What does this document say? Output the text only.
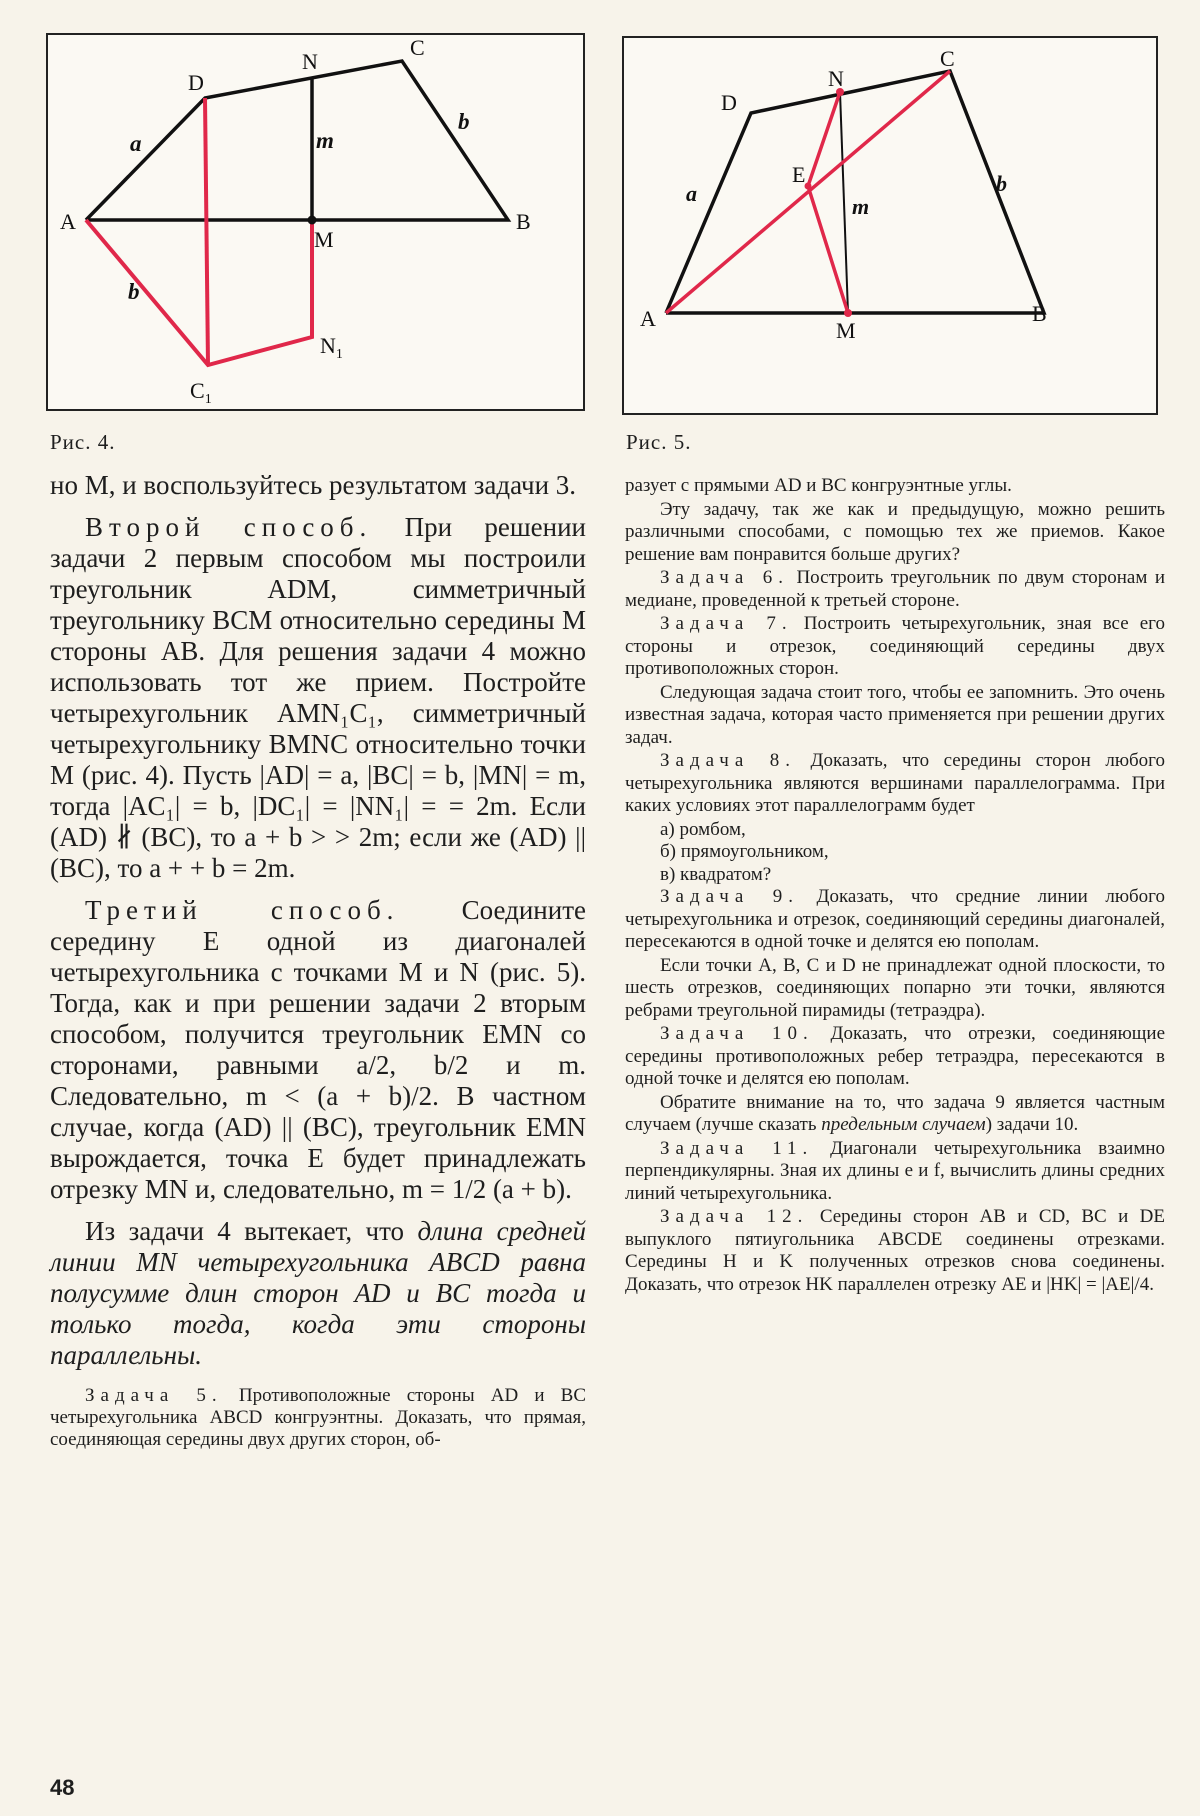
A	B
C
D
N
M
$C_1$
$N_1$
a
b
b
m
Рис. 4.
A	B
C
D
N
M
E
a	b
m
Рис. 5.

но M, и воспользуйтесь результатом задачи 3.

Второй способ. При решении задачи 2 первым способом мы построили треугольник ADM, симметричный треугольнику BCM относительно середины M стороны AB. Для решения задачи 4 можно использовать тот же прием. Постройте четырехугольник AMN₁C₁, симметричный четырехугольнику BMNC относительно точки M (рис. 4). Пусть |AD| = a, |BC| = b, |MN| = m, тогда |AC₁| = b, |DC₁| = |NN₁| = = 2m. Если (AD) ∦ (BC), то a + b > > 2m; если же (AD) || (BC), то a + + b = 2m.

Третий способ. Соедините середину E одной из диагоналей четырехугольника с точками M и N (рис. 5). Тогда, как и при решении задачи 2 вторым способом, получится треугольник EMN со сторонами, равными a/2, b/2 и m. Следовательно, m < (a + b)/2. В частном случае, когда (AD) || (BC), треугольник EMN вырождается, точка E будет принадлежать отрезку MN и, следовательно, m = 1/2 (a + b).

Из задачи 4 вытекает, что длина средней линии MN четырехугольника ABCD равна полусумме длин сторон AD и BC тогда и только тогда, когда эти стороны параллельны.

Задача 5. Противоположные стороны AD и BC четырехугольника ABCD конгруэнтны. Доказать, что прямая, соединяющая середины двух других сторон, об-

разует с прямыми AD и BC конгруэнтные углы.

Эту задачу, так же как и предыдущую, можно решить различными способами, с помощью тех же приемов. Какое решение вам понравится больше других?

Задача 6. Построить треугольник по двум сторонам и медиане, проведенной к третьей стороне.

Задача 7. Построить четырехугольник, зная все его стороны и отрезок, соединяющий середины двух противоположных сторон.

Следующая задача стоит того, чтобы ее запомнить. Это очень известная задача, которая часто применяется при решении других задач.

Задача 8. Доказать, что середины сторон любого четырехугольника являются вершинами параллелограмма. При каких условиях этот параллелограмм будет

а) ромбом,
б) прямоугольником,
в) квадратом?

Задача 9. Доказать, что средние линии любого четырехугольника и отрезок, соединяющий середины диагоналей, пересекаются в одной точке и делятся ею пополам.

Если точки A, B, C и D не принадлежат одной плоскости, то шесть отрезков, соединяющих попарно эти точки, являются ребрами треугольной пирамиды (тетраэдра).

Задача 10. Доказать, что отрезки, соединяющие середины противоположных ребер тетраэдра, пересекаются в одной точке и делятся ею пополам.

Обратите внимание на то, что задача 9 является частным случаем (лучше сказать предельным случаем) задачи 10.

Задача 11. Диагонали четырехугольника взаимно перпендикулярны. Зная их длины e и f, вычислить длины средних линий четырехугольника.

Задача 12. Середины сторон AB и CD, BC и DE выпуклого пятиугольника ABCDE соединены отрезками. Середины H и K полученных отрезков снова соединены. Доказать, что отрезок HK параллелен отрезку AE и |HK| = |AE|/4.

48
